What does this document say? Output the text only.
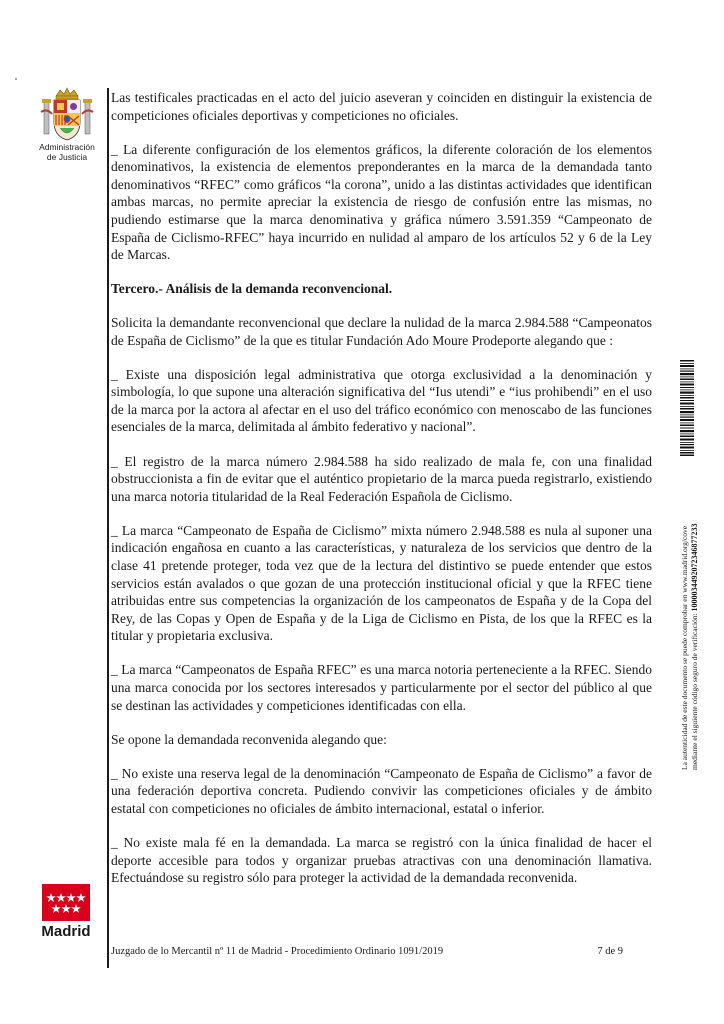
Administración
de Justicia

Las testificales practicadas en el acto del juicio aseveran y coinciden en distinguir la existencia de competiciones oficiales deportivas y competiciones no oficiales.

_ La diferente configuración de los elementos gráficos, la diferente coloración de los elementos denominativos, la existencia de elementos preponderantes en la marca de la demandada tanto denominativos “RFEC” como gráficos “la corona”, unido a las distintas actividades que identifican ambas marcas, no permite apreciar la existencia de riesgo de confusión entre las mismas, no pudiendo estimarse que la marca denominativa y gráfica número 3.591.359 “Campeonato de España de Ciclismo-RFEC” haya incurrido en nulidad al amparo de los artículos 52 y 6 de la Ley de Marcas.

Tercero.- Análisis de la demanda reconvencional.

Solicita la demandante reconvencional que declare la nulidad de la marca 2.984.588 “Campeonatos de España de Ciclismo” de la que es titular Fundación Ado Moure Prodeporte alegando que :

_ Existe una disposición legal administrativa que otorga exclusividad a la denominación y simbología, lo que supone una alteración significativa del “Ius utendi” e “ius prohibendi” en el uso de la marca por la actora al afectar en el uso del tráfico económico con menoscabo de las funciones esenciales de la marca, delimitada al ámbito federativo y nacional”.

_ El registro de la marca número 2.984.588 ha sido realizado de mala fe, con una finalidad obstruccionista a fin de evitar que el auténtico propietario de la marca pueda registrarlo, existiendo una marca notoria titularidad de la Real Federación Española de Ciclismo.

_ La marca “Campeonato de España de Ciclismo” mixta número 2.948.588 es nula al suponer una indicación engañosa en cuanto a las características, y naturaleza de los servicios que dentro de la clase 41 pretende proteger, toda vez que de la lectura del distintivo se puede entender que estos servicios están avalados o que gozan de una protección institucional oficial y que la RFEC tiene atribuidas entre sus competencias la organización de los campeonatos de España y de la Copa del Rey, de las Copas y Open de España y de la Liga de Ciclismo en Pista, de los que la RFEC es la titular y propietaria exclusiva.

_ La marca “Campeonatos de España RFEC” es una marca notoria perteneciente a la RFEC. Siendo una marca conocida por los sectores interesados y particularmente por el sector del público al que se destinan las actividades y competiciones identificadas con ella.

Se opone la demandada reconvenida alegando que:

_ No existe una reserva legal de la denominación “Campeonato de España de Ciclismo” a favor de una federación deportiva concreta. Pudiendo convivir las competiciones oficiales y de ámbito estatal con competiciones no oficiales de ámbito internacional, estatal o inferior.

_ No existe mala fé en la demandada. La marca se registró con la única finalidad de hacer el deporte accesible para todos y organizar pruebas atractivas con una denominación llamativa. Efectuándose su registro sólo para proteger la actividad de la demandada reconvenida.

Madrid
Juzgado de lo Mercantil nº 11 de Madrid - Procedimiento Ordinario 1091/2019	7 de 9
La autenticidad de este documento se puede comprobar en www.madrid.org/cove mediante el siguiente código seguro de verificación: 1000034492072346877233
